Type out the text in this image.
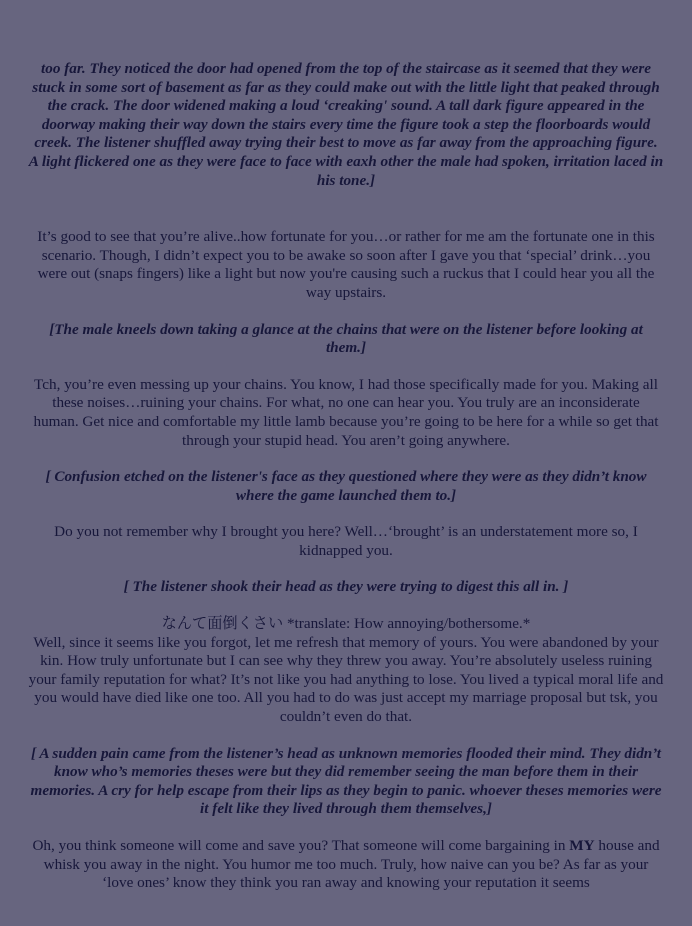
too far. They noticed the door had opened from the top of the staircase as it seemed that they were stuck in some sort of basement as far as they could make out with the little light that peaked through the crack. The door widened making a loud ‘creaking' sound. A tall dark figure appeared in the doorway making their way down the stairs every time the figure took a step the floorboards would creek. The listener shuffled away trying their best to move as far away from the approaching figure. A light flickered one as they were face to face with eaxh other the male had spoken, irritation laced in his tone.]

It’s good to see that you’re alive..how fortunate for you…or rather for me am the fortunate one in this scenario. Though, I didn’t expect you to be awake so soon after I gave you that ‘special’ drink…you were out (snaps fingers) like a light but now you're causing such a ruckus that I could hear you all the way upstairs.

[The male kneels down taking a glance at the chains that were on the listener before looking at them.]

Tch, you’re even messing up your chains. You know, I had those specifically made for you. Making all these noises…ruining your chains. For what, no one can hear you. You truly are an inconsiderate human. Get nice and comfortable my little lamb because you’re going to be here for a while so get that through your stupid head. You aren’t going anywhere.

[ Confusion etched on the listener's face as they questioned where they were as they didn’t know where the game launched them to.]

Do you not remember why I brought you here? Well…‘brought’ is an understatement more so, I kidnapped you.

[ The listener shook their head as they were trying to digest this all in. ]

なんて面倒くさい *translate: How annoying/bothersome.*

Well, since it seems like you forgot, let me refresh that memory of yours. You were abandoned by your kin. How truly unfortunate but I can see why they threw you away. You’re absolutely useless ruining your family reputation for what? It’s not like you had anything to lose. You lived a typical moral life and you would have died like one too. All you had to do was just accept my marriage proposal but tsk, you couldn’t even do that.

[ A sudden pain came from the listener’s head as unknown memories flooded their mind. They didn’t know who’s memories theses were but they did remember seeing the man before them in their memories. A cry for help escape from their lips as they begin to panic. whoever theses memories were it felt like they lived through them themselves,]

Oh, you think someone will come and save you? That someone will come bargaining in MY house and whisk you away in the night. You humor me too much. Truly, how naive can you be? As far as your ‘love ones’ know they think you ran away and knowing your reputation it seems
